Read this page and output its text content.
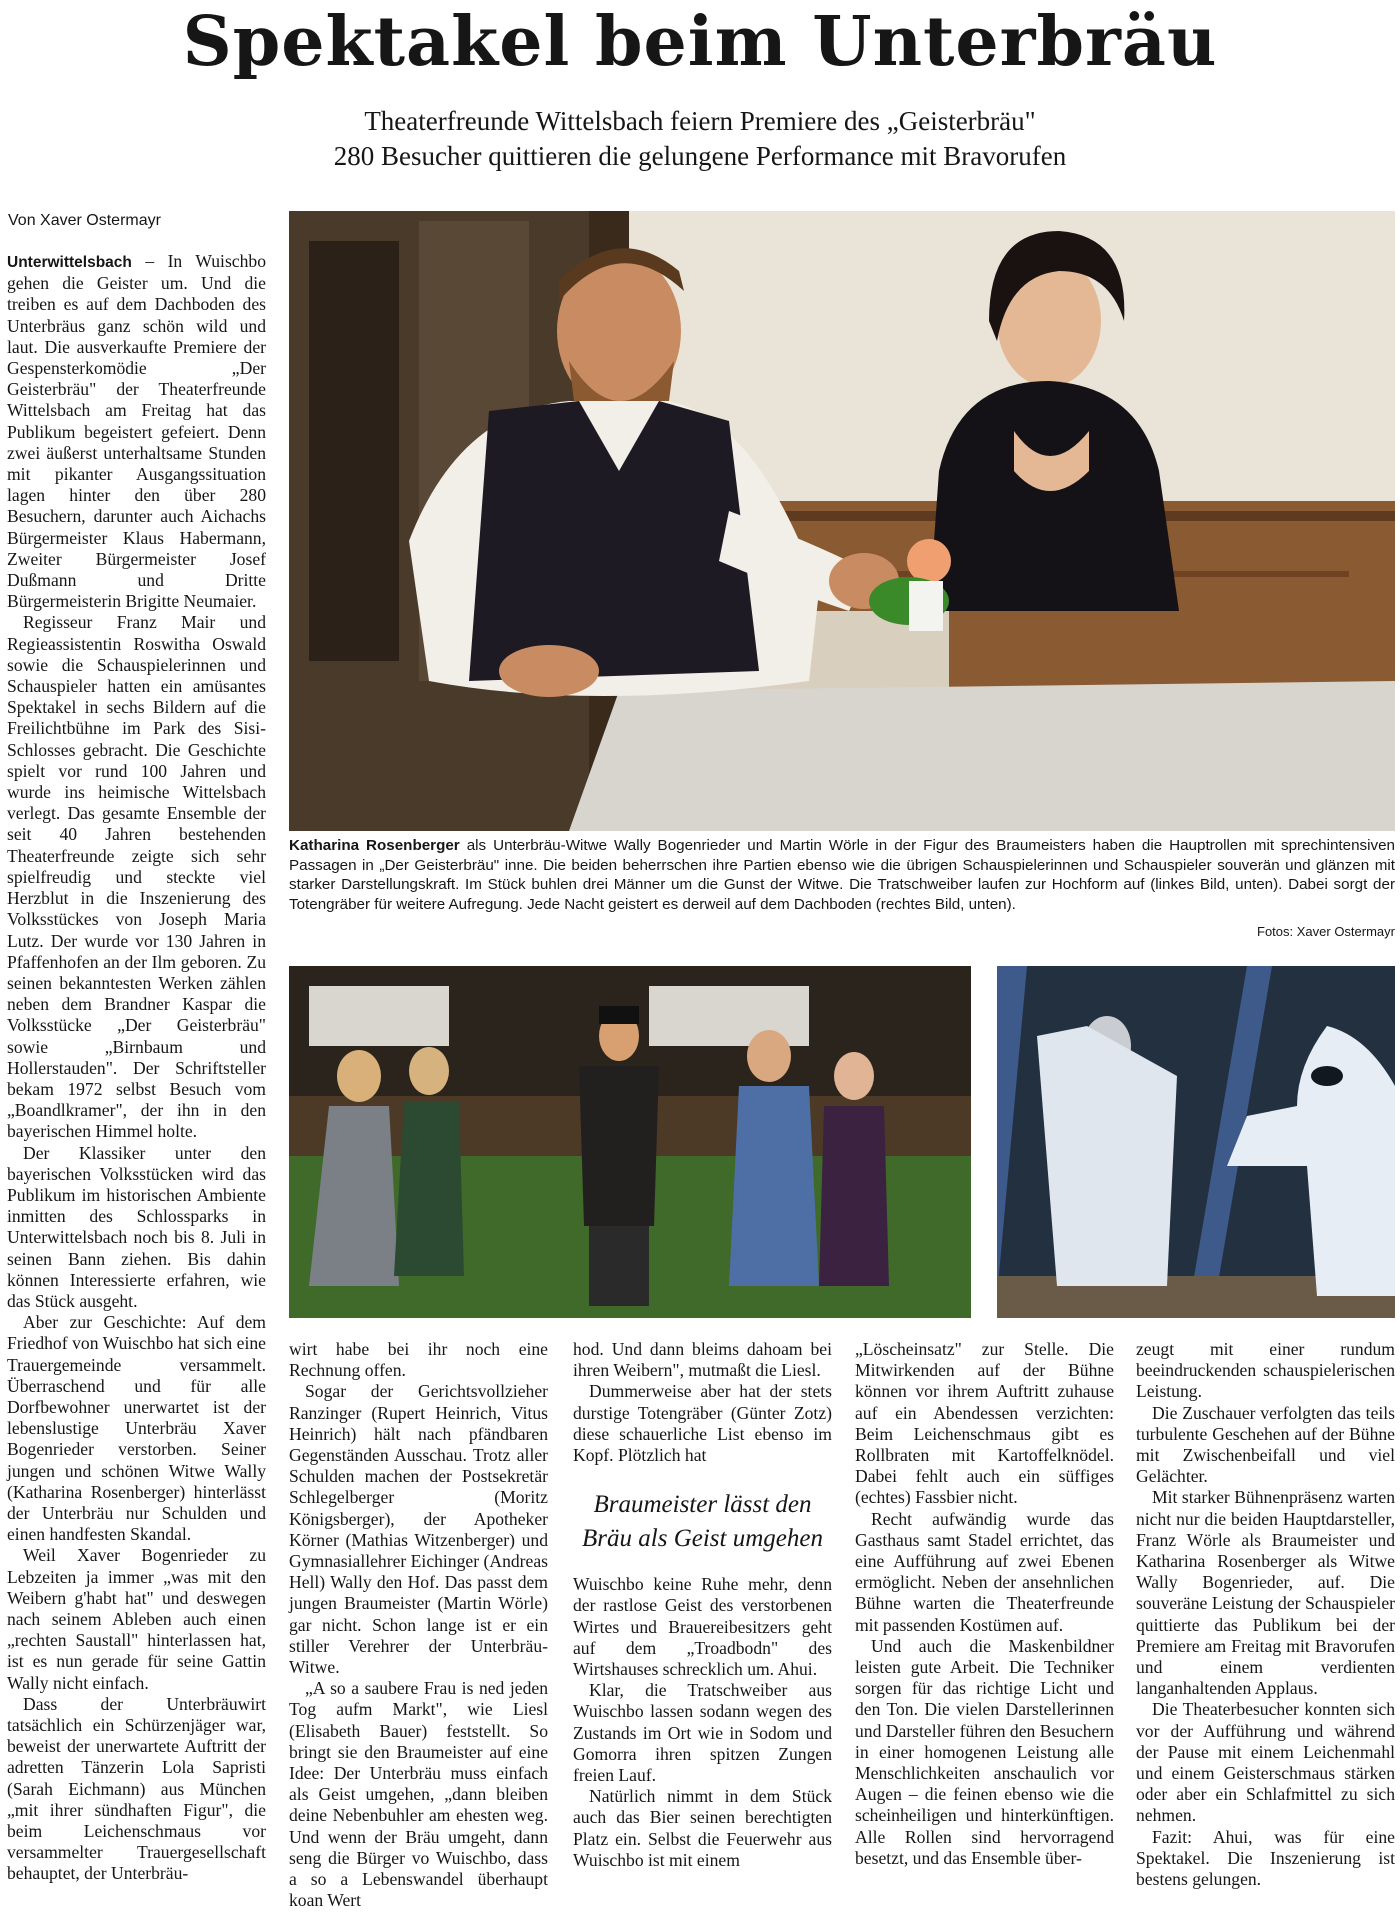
Spektakel beim Unterbräu
Theaterfreunde Wittelsbach feiern Premiere des „Geisterbräu"
280 Besucher quittieren die gelungene Performance mit Bravorufen
Von Xaver Ostermayr
Katharina Rosenberger als Unterbräu-Witwe Wally Bogenrieder und Martin Wörle in der Figur des Braumeisters haben die Hauptrollen mit sprechintensiven Passagen in „Der Geisterbräu" inne. Die beiden beherrschen ihre Partien ebenso wie die übrigen Schauspielerinnen und Schauspieler souverän und glänzen mit starker Darstellungskraft. Im Stück buhlen drei Männer um die Gunst der Witwe. Die Tratschweiber laufen zur Hochform auf (linkes Bild, unten). Dabei sorgt der Totengräber für weitere Aufregung. Jede Nacht geistert es derweil auf dem Dachboden (rechtes Bild, unten).
Fotos: Xaver Ostermayr

Unterwittelsbach – In Wuischbo gehen die Geister um. Und die treiben es auf dem Dachboden des Unterbräus ganz schön wild und laut. Die ausverkaufte Premiere der Gespensterkomödie „Der Geisterbräu" der Theaterfreunde Wittelsbach am Freitag hat das Publikum begeistert gefeiert. Denn zwei äußerst unterhaltsame Stunden mit pikanter Ausgangssituation lagen hinter den über 280 Besuchern, darunter auch Aichachs Bürgermeister Klaus Habermann, Zweiter Bürgermeister Josef Dußmann und Dritte Bürgermeisterin Brigitte Neumaier.

Regisseur Franz Mair und Regieassistentin Roswitha Oswald sowie die Schauspielerinnen und Schauspieler hatten ein amüsantes Spektakel in sechs Bildern auf die Freilichtbühne im Park des Sisi-Schlosses gebracht. Die Geschichte spielt vor rund 100 Jahren und wurde ins heimische Wittelsbach verlegt. Das gesamte Ensemble der seit 40 Jahren bestehenden Theaterfreunde zeigte sich sehr spielfreudig und steckte viel Herzblut in die Inszenierung des Volksstückes von Joseph Maria Lutz. Der wurde vor 130 Jahren in Pfaffenhofen an der Ilm geboren. Zu seinen bekanntesten Werken zählen neben dem Brandner Kaspar die Volksstücke „Der Geisterbräu" sowie „Birnbaum und Hollerstauden". Der Schriftsteller bekam 1972 selbst Besuch vom „Boandlkramer", der ihn in den bayerischen Himmel holte.

Der Klassiker unter den bayerischen Volksstücken wird das Publikum im historischen Ambiente inmitten des Schlossparks in Unterwittelsbach noch bis 8. Juli in seinen Bann ziehen. Bis dahin können Interessierte erfahren, wie das Stück ausgeht.

Aber zur Geschichte: Auf dem Friedhof von Wuischbo hat sich eine Trauergemeinde versammelt. Überraschend und für alle Dorfbewohner unerwartet ist der lebenslustige Unterbräu Xaver Bogenrieder verstorben. Seiner jungen und schönen Witwe Wally (Katharina Rosenberger) hinterlässt der Unterbräu nur Schulden und einen handfesten Skandal.

Weil Xaver Bogenrieder zu Lebzeiten ja immer „was mit den Weibern g'habt hat" und deswegen nach seinem Ableben auch einen „rechten Saustall" hinterlassen hat, ist es nun gerade für seine Gattin Wally nicht einfach.

Dass der Unterbräuwirt tatsächlich ein Schürzenjäger war, beweist der unerwartete Auftritt der adretten Tänzerin Lola Sapristi (Sarah Eichmann) aus München „mit ihrer sündhaften Figur", die beim Leichenschmaus vor versammelter Trauergesellschaft behauptet, der Unterbräu-

wirt habe bei ihr noch eine Rechnung offen.

Sogar der Gerichtsvollzieher Ranzinger (Rupert Heinrich, Vitus Heinrich) hält nach pfändbaren Gegenständen Ausschau. Trotz aller Schulden machen der Postsekretär Schlegelberger (Moritz Königsberger), der Apotheker Körner (Mathias Witzenberger) und Gymnasiallehrer Eichinger (Andreas Hell) Wally den Hof. Das passt dem jungen Braumeister (Martin Wörle) gar nicht. Schon lange ist er ein stiller Verehrer der Unterbräu-Witwe.

„A so a saubere Frau is ned jeden Tog aufm Markt", wie Liesl (Elisabeth Bauer) feststellt. So bringt sie den Braumeister auf eine Idee: Der Unterbräu muss einfach als Geist umgehen, „dann bleiben deine Nebenbuhler am ehesten weg. Und wenn der Bräu umgeht, dann seng die Bürger vo Wuischbo, dass a so a Lebenswandel überhaupt koan Wert

hod. Und dann bleims dahoam bei ihren Weibern", mutmaßt die Liesl.

Dummerweise aber hat der stets durstige Totengräber (Günter Zotz) diese schauerliche List ebenso im Kopf. Plötzlich hat

Braumeister lässt den
Bräu als Geist umgehen

Wuischbo keine Ruhe mehr, denn der rastlose Geist des verstorbenen Wirtes und Brauereibesitzers geht auf dem „Troadbodn" des Wirtshauses schrecklich um. Ahui.

Klar, die Tratschweiber aus Wuischbo lassen sodann wegen des Zustands im Ort wie in Sodom und Gomorra ihren spitzen Zungen freien Lauf.

Natürlich nimmt in dem Stück auch das Bier seinen berechtigten Platz ein. Selbst die Feuerwehr aus Wuischbo ist mit einem

„Löscheinsatz" zur Stelle. Die Mitwirkenden auf der Bühne können vor ihrem Auftritt zuhause auf ein Abendessen verzichten: Beim Leichenschmaus gibt es Rollbraten mit Kartoffelknödel. Dabei fehlt auch ein süffiges (echtes) Fassbier nicht.

Recht aufwändig wurde das Gasthaus samt Stadel errichtet, das eine Aufführung auf zwei Ebenen ermöglicht. Neben der ansehnlichen Bühne warten die Theaterfreunde mit passenden Kostümen auf.

Und auch die Maskenbildner leisten gute Arbeit. Die Techniker sorgen für das richtige Licht und den Ton. Die vielen Darstellerinnen und Darsteller führen den Besuchern in einer homogenen Leistung alle Menschlichkeiten anschaulich vor Augen – die feinen ebenso wie die scheinheiligen und hinterkünftigen. Alle Rollen sind hervorragend besetzt, und das Ensemble über-

zeugt mit einer rundum beeindruckenden schauspielerischen Leistung.

Die Zuschauer verfolgten das teils turbulente Geschehen auf der Bühne mit Zwischenbeifall und viel Gelächter.

Mit starker Bühnenpräsenz warten nicht nur die beiden Hauptdarsteller, Franz Wörle als Braumeister und Katharina Rosenberger als Witwe Wally Bogenrieder, auf. Die souveräne Leistung der Schauspieler quittierte das Publikum bei der Premiere am Freitag mit Bravorufen und einem verdienten langanhaltenden Applaus.

Die Theaterbesucher konnten sich vor der Aufführung und während der Pause mit einem Leichenmahl und einem Geisterschmaus stärken oder aber ein Schlafmittel zu sich nehmen.

Fazit: Ahui, was für eine Spektakel. Die Inszenierung ist bestens gelungen.
